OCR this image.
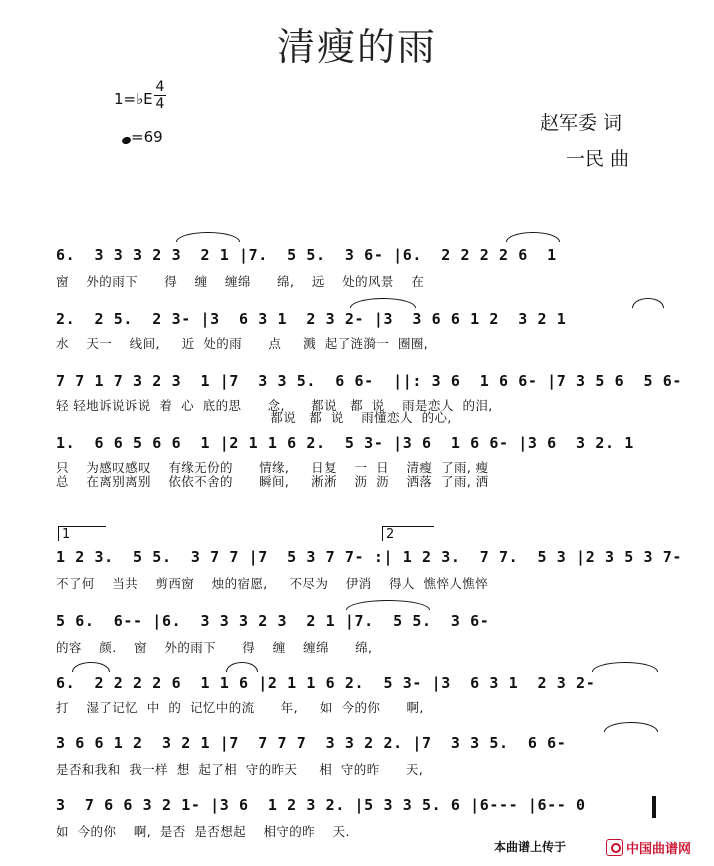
清瘦的雨
1=♭E
4
4
=69
赵军委 词
一民 曲
6.  3 3 3 2 3  2 1 |7.  5 5.  3 6- |6.  2 2 2 2 6  1
窗    外的雨下      得    缠    缠绵      绵,    远    处的风景    在
2.  2 5.  2 3- |3  6 3 1  2 3 2- |3  3 6 6 1 2  3 2 1
水    天一    线间,     近  处的雨      点     溅  起了涟漪一  圈圈,
7 7 1 7 3 2 3  1 |7  3 3 5.  6 6-  ||: 3 6  1 6 6- |7 3 5 6  5 6-
轻 轻地诉说诉说  着  心  底的思      念,      都说   都  说    雨是恋人  的泪,
都说   都  说    雨懂恋人  的心,
1.  6 6 5 6 6  1 |2 1 1 6 2.  5 3- |3 6  1 6 6- |3 6  3 2. 1
只    为感叹感叹    有缘无份的      情缘,     日复    一  日    清瘦  了雨, 瘦
总    在离别离别    依依不舍的      瞬间,     淅淅    沥  沥    洒落  了雨, 洒
1	2
1 2 3.  5 5.  3 7 7 |7  5 3 7 7- :| 1 2 3.  7 7.  5 3 |2 3 5 3 7-
不了何    当共    剪西窗    烛的宿愿,     不尽为    伊消    得人  憔悴人憔悴
5 6.  6-- |6.  3 3 3 2 3  2 1 |7.  5 5.  3 6-
的容    颜.    窗    外的雨下      得    缠    缠绵      绵,
6.  2 2 2 2 6  1 1 6 |2 1 1 6 2.  5 3- |3  6 3 1  2 3 2-
打    湿了记忆  中  的  记忆中的流      年,     如  今的你      啊,
3 6 6 1 2  3 2 1 |7  7 7 7  3 3 2 2. |7  3 3 5.  6 6-
是否和我和  我一样  想  起了相  守的昨天     相  守的昨      天,
3  7 6 6 3 2 1- |3 6  1 2 3 2. |5 3 3 5. 6 |6--- |6-- 0
如  今的你    啊,  是否  是否想起    相守的昨    天.
本曲谱上传于	中国曲谱网
